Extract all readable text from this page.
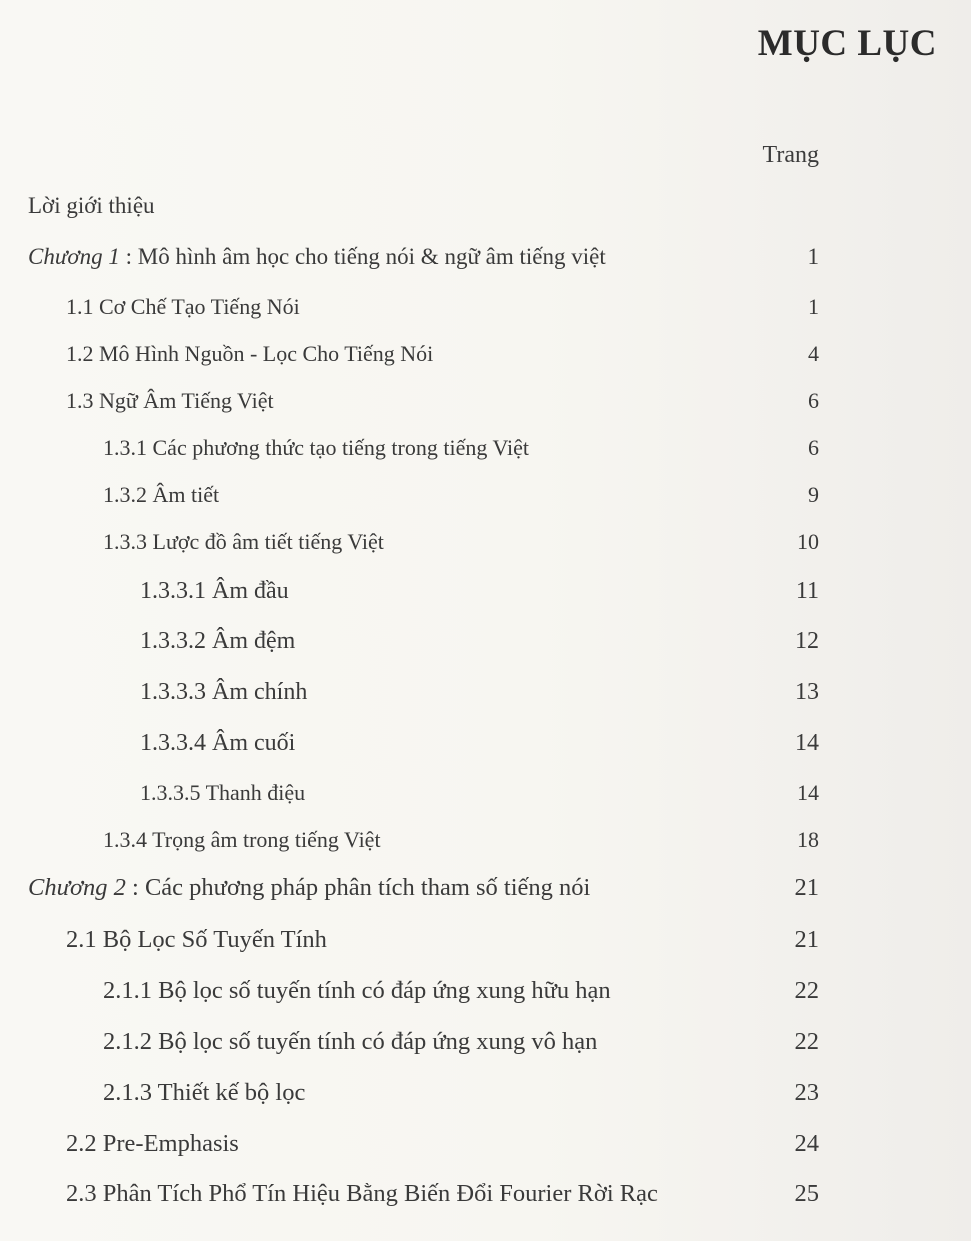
MỤC LỤC
Trang
Lời giới thiệu
Chương 1 : Mô hình âm học cho tiếng nói & ngữ âm tiếng việt	1
1.1 Cơ Chế Tạo Tiếng Nói	1
1.2 Mô Hình Nguồn - Lọc Cho Tiếng Nói	4
1.3 Ngữ Âm Tiếng Việt	6
1.3.1 Các phương thức tạo tiếng trong tiếng Việt	6
1.3.2 Âm tiết	9
1.3.3 Lược đồ âm tiết tiếng Việt	10
1.3.3.1 Âm đầu	11
1.3.3.2 Âm đệm	12
1.3.3.3 Âm chính	13
1.3.3.4 Âm cuối	14
1.3.3.5 Thanh điệu	14
1.3.4 Trọng âm trong tiếng Việt	18
Chương 2 : Các phương pháp phân tích tham số tiếng nói	21
2.1 Bộ Lọc Số Tuyến Tính	21
2.1.1 Bộ lọc số tuyến tính có đáp ứng xung hữu hạn	22
2.1.2 Bộ lọc số tuyến tính có đáp ứng xung vô hạn	22
2.1.3 Thiết kế bộ lọc	23
2.2 Pre-Emphasis	24
2.3 Phân Tích Phổ Tín Hiệu Bằng Biến Đổi Fourier Rời Rạc	25
